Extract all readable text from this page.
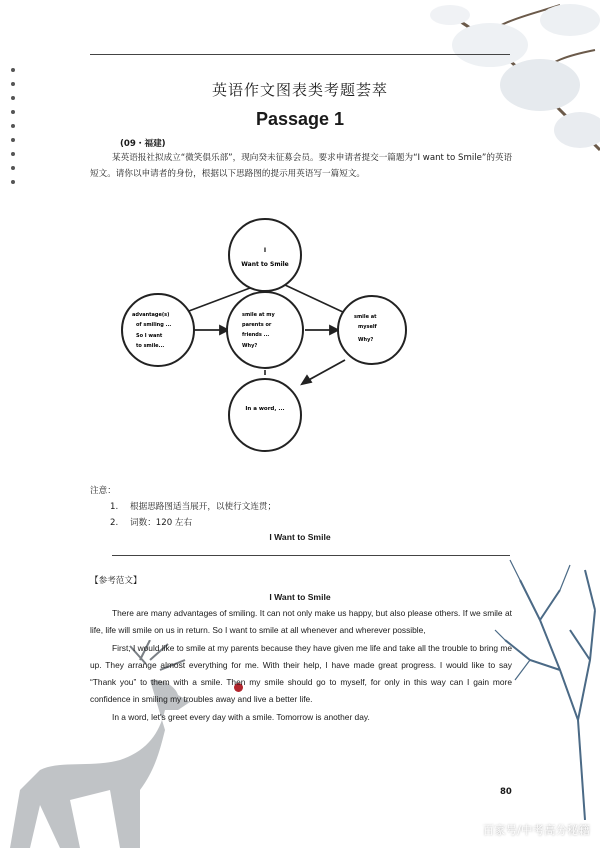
英语作文图表类考题荟萃
Passage 1
(09・福建)
某英语报社拟成立“微笑俱乐部”，现向癸未征募会员。要求申请者提交一篇题为“I want to Smile”的英语短文。请你以申请者的身份，根据以下思路图的提示用英语写一篇短文。
I
Want to Smile
advantage(s)
of smiling ...
So I want
to smile...
smile at my
parents or
friends ...
Why?
smile at
myself
Why?
In a word, ...
注意：
1. 根据思路图适当展开，以使行文连贯；
2. 词数：120 左右
I Want to Smile
【参考范文】
I Want to Smile

There are many advantages of smiling. It can not only make us happy, but also please others. If we smile at life, life will smile on us in return. So I want to smile at all whenever and wherever possible,

First, I would like to smile at my parents because they have given me life and take all the trouble to bring me up. They arrange almost everything for me. With their help, I have made great progress. I would like to say “Thank you” to them with a smile. Then my smile should go to myself, for only in this way can I gain more confidence in smiling my troubles away and live a better life.

In a word, let's greet every day with a smile. Tomorrow is another day.

80
百家号/中考高分秘籍
